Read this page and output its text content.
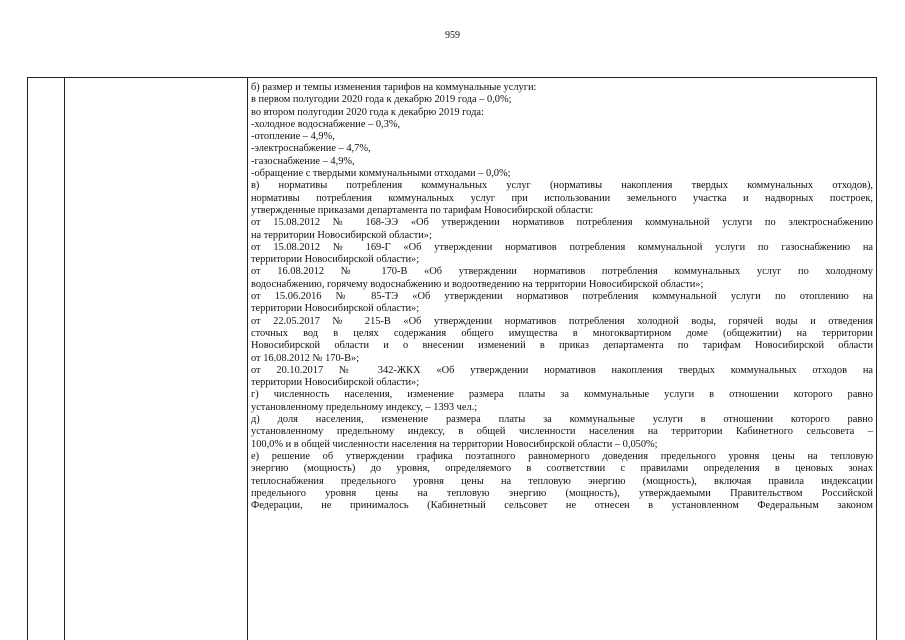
959
б) размер и темпы изменения тарифов на коммунальные услуги:
в первом полугодии 2020 года к декабрю 2019 года – 0,0%;
во втором полугодии 2020 года к декабрю 2019 года:
-холодное водоснабжение – 0,3%,
-отопление – 4,9%,
-электроснабжение – 4,7%,
-газоснабжение – 4,9%,
-обращение с твердыми коммунальными отходами – 0,0%;
в) нормативы потребления коммунальных услуг (нормативы накопления твердых коммунальных отходов),
нормативы потребления коммунальных услуг при использовании земельного участка и надворных построек,
утвержденные приказами департамента по тарифам Новосибирской области:
от 15.08.2012 № 168-ЭЭ «Об утверждении нормативов потребления коммунальной услуги по электроснабжению
на территории Новосибирской области»;
от 15.08.2012 № 169-Г «Об утверждении нормативов потребления коммунальной услуги по газоснабжению на
территории Новосибирской области»;
от 16.08.2012 № 170-В «Об утверждении нормативов потребления коммунальных услуг по холодному
водоснабжению, горячему водоснабжению и водоотведению на территории Новосибирской области»;
от 15.06.2016 № 85-ТЭ «Об утверждении нормативов потребления коммунальной услуги по отоплению на
территории Новосибирской области»;
от 22.05.2017 № 215-В «Об утверждении нормативов потребления холодной воды, горячей воды и отведения
сточных вод в целях содержания общего имущества в многоквартирном доме (общежитии) на территории
Новосибирской области и о внесении изменений в приказ департамента по тарифам Новосибирской области
от 16.08.2012 № 170-В»;
от 20.10.2017 № 342-ЖКХ «Об утверждении нормативов накопления твердых коммунальных отходов на
территории Новосибирской области»;
г) численность населения, изменение размера платы за коммунальные услуги в отношении которого равно
установленному предельному индексу, – 1393 чел.;
д) доля населения, изменение размера платы за коммунальные услуги в отношении которого равно
установленному предельному индексу, в общей численности населения на территории Кабинетного сельсовета –
100,0% и в общей численности населения на территории Новосибирской области – 0,050%;
е) решение об утверждении графика поэтапного равномерного доведения предельного уровня цены на тепловую
энергию (мощность) до уровня, определяемого в соответствии с правилами определения в ценовых зонах
теплоснабжения предельного уровня цены на тепловую энергию (мощность), включая правила индексации
предельного уровня цены на тепловую энергию (мощность), утверждаемыми Правительством Российской
Федерации, не принималось (Кабинетный сельсовет не отнесен в установленном Федеральным законом
